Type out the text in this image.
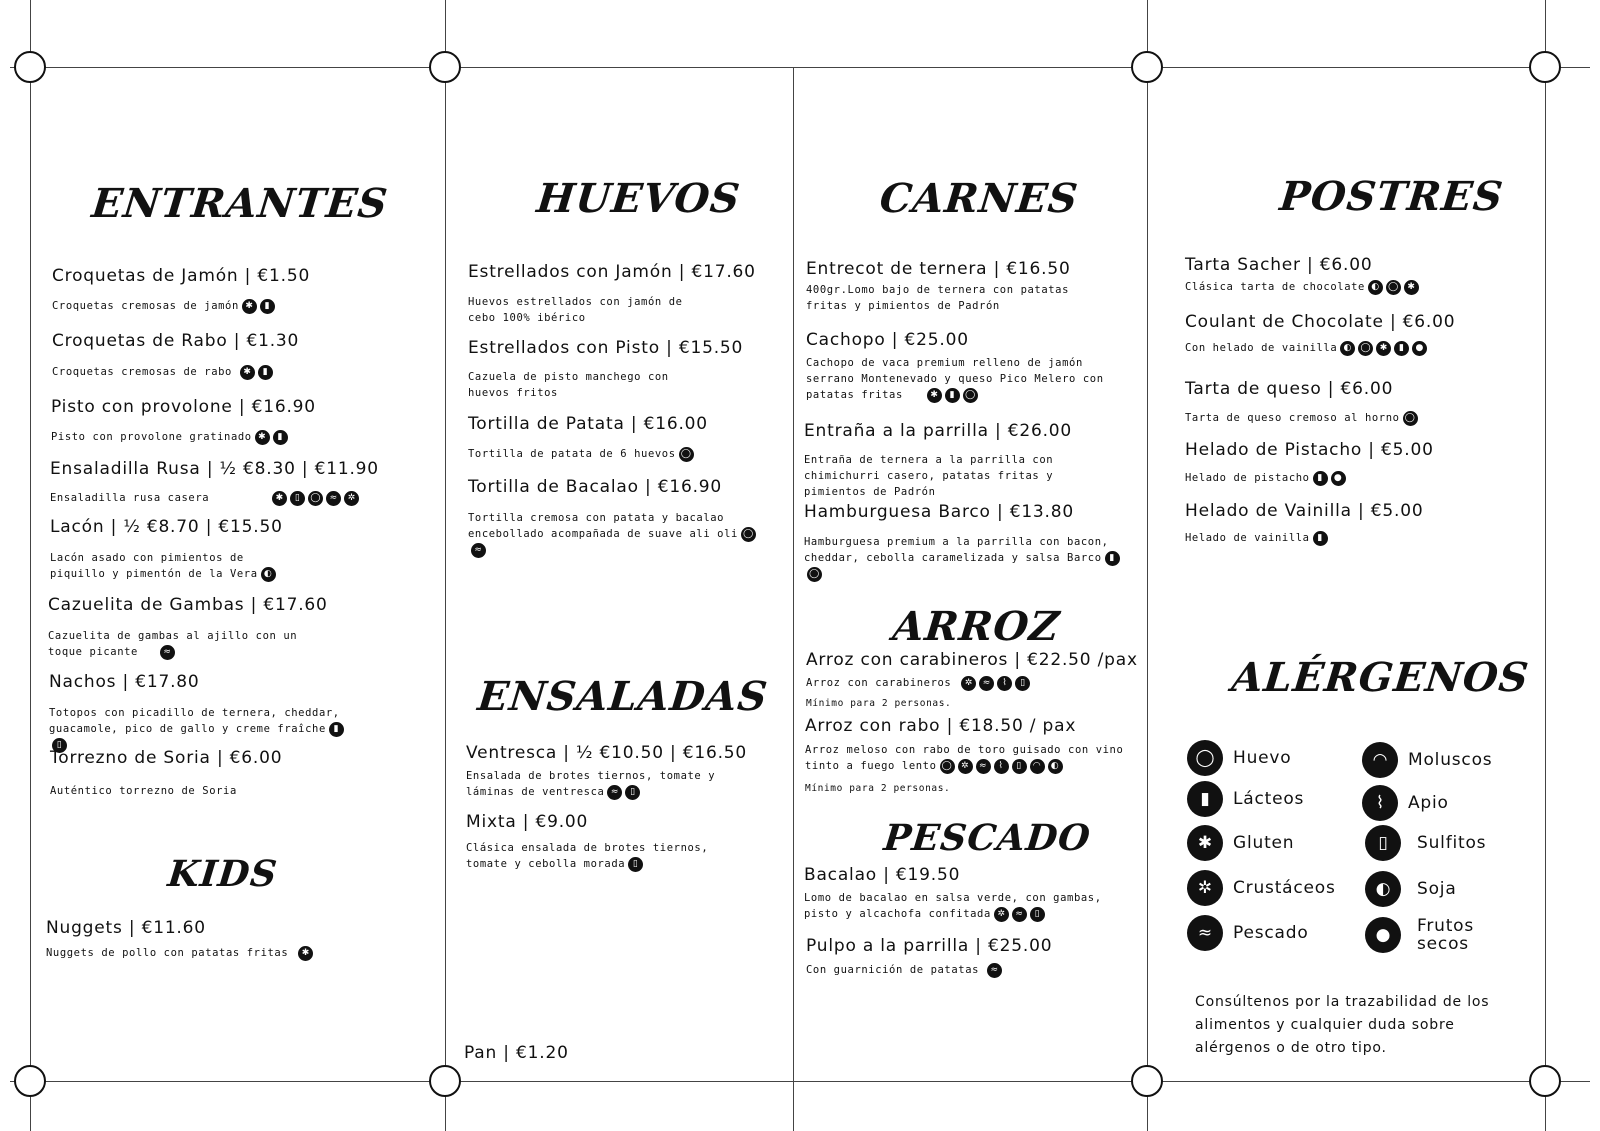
ENTRANTES
Croquetas de Jamón | €1.50
Croquetas cremosas de jamón ✱ ▮
Croquetas de Rabo | €1.30
Croquetas cremosas de rabo ✱ ▮
Pisto con provolone | €16.90
Pisto con provolone gratinado ✱ ▮
Ensaladilla Rusa | ½ €8.30 | €11.90
Ensaladilla rusa casera	✱ ▯ ◯ ≈ ✲
Lacón | ½ €8.70 | €15.50
Lacón asado con pimientos de piquillo y pimentón de la Vera ◐
Cazuelita de Gambas | €17.60
Cazuelita de gambas al ajillo con un toque picante	≈
Nachos | €17.80
Totopos con picadillo de ternera, cheddar, guacamole, pico de gallo y creme fraîche ▮▯
Torrezno de Soria | €6.00
Auténtico torrezno de Soria
KIDS
Nuggets | €11.60
Nuggets de pollo con patatas fritas ✱
HUEVOS
Estrellados con Jamón | €17.60
Huevos estrellados con jamón de cebo 100% ibérico
Estrellados con Pisto | €15.50
Cazuela de pisto manchego con huevos fritos
Tortilla de Patata | €16.00
Tortilla de patata de 6 huevos ◯
Tortilla de Bacalao | €16.90
Tortilla cremosa con patata y bacalao encebollado acompañada de suave ali oli ◯≈
ENSALADAS
Ventresca | ½ €10.50 | €16.50
Ensalada de brotes tiernos, tomate y láminas de ventresca ≈ ▯
Mixta | €9.00
Clásica ensalada de brotes tiernos, tomate y cebolla morada ▯
Pan | €1.20
CARNES
Entrecot de ternera | €16.50
400gr.Lomo bajo de ternera con patatas fritas y pimientos de Padrón
Cachopo | €25.00
Cachopo de vaca premium relleno de jamón serrano Montenevado y queso Pico Melero con patatas fritas	✱ ▮ ◯
Entraña a la parrilla | €26.00
Entraña de ternera a la parrilla con chimichurri casero, patatas fritas y pimientos de Padrón
Hamburguesa Barco | €13.80
Hamburguesa premium a la parrilla con bacon, cheddar, cebolla caramelizada y salsa Barco ▮◯
ARROZ
Arroz con carabineros | €22.50 /pax
Arroz con carabineros ✲ ≈ ⌇ ▯
Mínimo para 2 personas.
Arroz con rabo | €18.50 / pax
Arroz meloso con rabo de toro guisado con vino tinto a fuego lento ◯ ✲ ≈ ⌇ ▯ ◠ ◐
Mínimo para 2 personas.
PESCADO
Bacalao | €19.50
Lomo de bacalao en salsa verde, con gambas, pisto y alcachofa confitada ✲ ≈ ▯
Pulpo a la parrilla | €25.00
Con guarnición de patatas ≈
POSTRES
Tarta Sacher | €6.00
Clásica tarta de chocolate ◐ ◯ ✱
Coulant de Chocolate | €6.00
Con helado de vainilla ◐ ◯ ✱ ▮ ●
Tarta de queso | €6.00
Tarta de queso cremoso al horno ◯
Helado de Pistacho | €5.00
Helado de pistacho ▮ ●
Helado de Vainilla | €5.00
Helado de vainilla ▮
ALÉRGENOS
◯	Huevo	◠	Moluscos
▮	Lácteos	⌇	Apio
✱	Gluten	▯	Sulfitos
✲	Crustáceos	◐	Soja
≈	Pescado	●	Frutos secos
Consúltenos por la trazabilidad de los alimentos y cualquier duda sobre alérgenos o de otro tipo.
